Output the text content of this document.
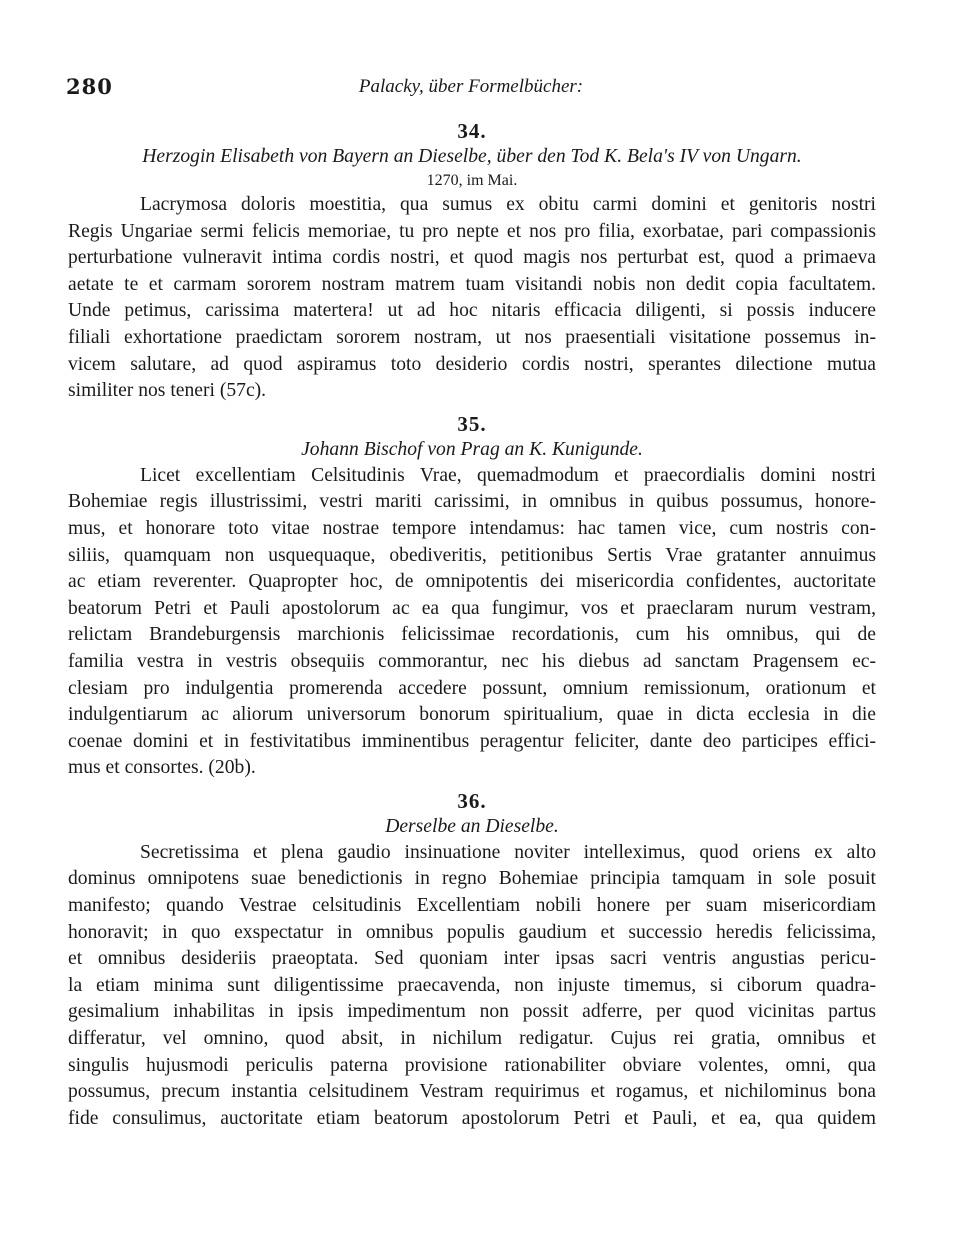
280	Palacky, über Formelbücher:
34.
Herzogin Elisabeth von Bayern an Dieselbe, über den Tod K. Bela's IV von Ungarn.
1270, im Mai.
Lacrymosa doloris moestitia, qua sumus ex obitu carmi domini et genitoris nostri
Regis Ungariae sermi felicis memoriae, tu pro nepte et nos pro filia, exorbatae, pari compassionis
perturbatione vulneravit intima cordis nostri, et quod magis nos perturbat est, quod a primaeva
aetate te et carmam sororem nostram matrem tuam visitandi nobis non dedit copia facultatem.
Unde petimus, carissima matertera! ut ad hoc nitaris efficacia diligenti, si possis inducere
filiali exhortatione praedictam sororem nostram, ut nos praesentiali visitatione possemus in-
vicem salutare, ad quod aspiramus toto desiderio cordis nostri, sperantes dilectione mutua
similiter nos teneri (57c).
35.
Johann Bischof von Prag an K. Kunigunde.
Licet excellentiam Celsitudinis Vrae, quemadmodum et praecordialis domini nostri
Bohemiae regis illustrissimi, vestri mariti carissimi, in omnibus in quibus possumus, honore-
mus, et honorare toto vitae nostrae tempore intendamus: hac tamen vice, cum nostris con-
siliis, quamquam non usquequaque, obediveritis, petitionibus Sertis Vrae gratanter annuimus
ac etiam reverenter. Quapropter hoc, de omnipotentis dei misericordia confidentes, auctoritate
beatorum Petri et Pauli apostolorum ac ea qua fungimur, vos et praeclaram nurum vestram,
relictam Brandeburgensis marchionis felicissimae recordationis, cum his omnibus, qui de
familia vestra in vestris obsequiis commorantur, nec his diebus ad sanctam Pragensem ec-
clesiam pro indulgentia promerenda accedere possunt, omnium remissionum, orationum et
indulgentiarum ac aliorum universorum bonorum spiritualium, quae in dicta ecclesia in die
coenae domini et in festivitatibus imminentibus peragentur feliciter, dante deo participes effici-
mus et consortes. (20b).
36.
Derselbe an Dieselbe.
Secretissima et plena gaudio insinuatione noviter intelleximus, quod oriens ex alto
dominus omnipotens suae benedictionis in regno Bohemiae principia tamquam in sole posuit
manifesto; quando Vestrae celsitudinis Excellentiam nobili honere per suam misericordiam
honoravit; in quo exspectatur in omnibus populis gaudium et successio heredis felicissima,
et omnibus desideriis praeoptata. Sed quoniam inter ipsas sacri ventris angustias pericu-
la etiam minima sunt diligentissime praecavenda, non injuste timemus, si ciborum quadra-
gesimalium inhabilitas in ipsis impedimentum non possit adferre, per quod vicinitas partus
differatur, vel omnino, quod absit, in nichilum redigatur. Cujus rei gratia, omnibus et
singulis hujusmodi periculis paterna provisione rationabiliter obviare volentes, omni, qua
possumus, precum instantia celsitudinem Vestram requirimus et rogamus, et nichilominus bona
fide consulimus, auctoritate etiam beatorum apostolorum Petri et Pauli, et ea, qua quidem
